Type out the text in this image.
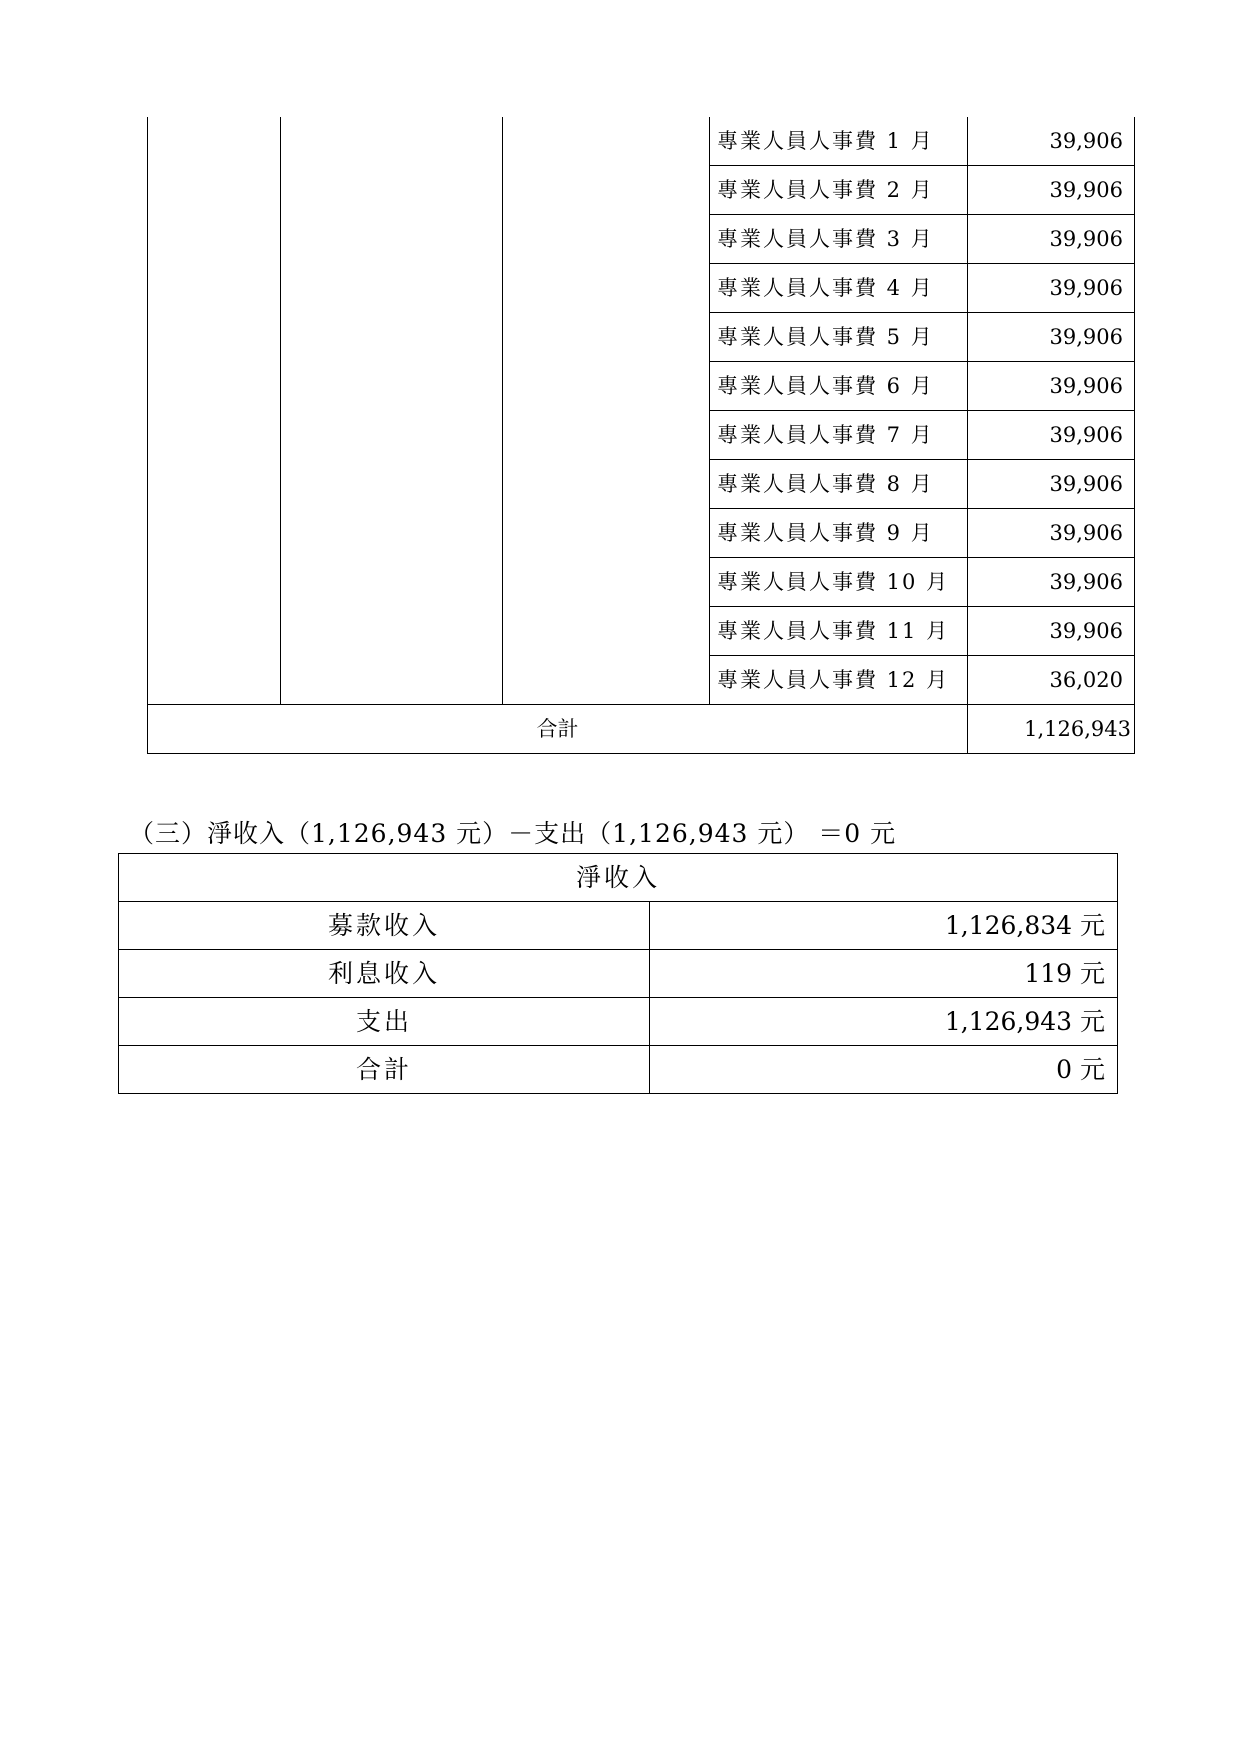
			專業人員人事費 1 月	39,906
			專業人員人事費 2 月	39,906
			專業人員人事費 3 月	39,906
			專業人員人事費 4 月	39,906
			專業人員人事費 5 月	39,906
			專業人員人事費 6 月	39,906
			專業人員人事費 7 月	39,906
			專業人員人事費 8 月	39,906
			專業人員人事費 9 月	39,906
			專業人員人事費 10 月	39,906
			專業人員人事費 11 月	39,906
			專業人員人事費 12 月	36,020
合計				1,126,943
（三）淨收入（1,126,943 元）－支出（1,126,943 元） ＝0 元
淨收入	
募款收入	1,126,834 元
利息收入	119 元
支出	1,126,943 元
合計	0 元
